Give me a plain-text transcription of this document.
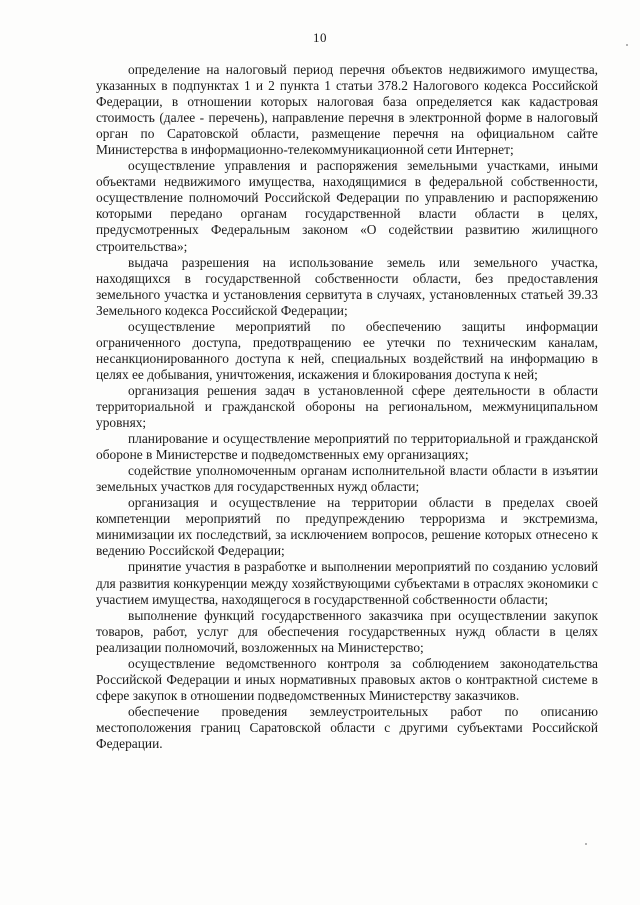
10

определение на налоговый период перечня объектов недвижимого имущества, указанных в подпунктах 1 и 2 пункта 1 статьи 378.2 Налогового кодекса Российской Федерации, в отношении которых налоговая база определяется как кадастровая стоимость (далее - перечень), направление перечня в электронной форме в налоговый орган по Саратовской области, размещение перечня на официальном сайте Министерства в информационно-телекоммуникационной сети Интернет;

осуществление управления и распоряжения земельными участками, иными объектами недвижимого имущества, находящимися в федеральной собственности, осуществление полномочий Российской Федерации по управлению и распоряжению которыми передано органам государственной власти области в целях, предусмотренных Федеральным законом «О содействии развитию жилищного строительства»;

выдача разрешения на использование земель или земельного участка, находящихся в государственной собственности области, без предоставления земельного участка и установления сервитута в случаях, установленных статьей 39.33 Земельного кодекса Российской Федерации;

осуществление мероприятий по обеспечению защиты информации ограниченного доступа, предотвращению ее утечки по техническим каналам, несанкционированного доступа к ней, специальных воздействий на информацию в целях ее добывания, уничтожения, искажения и блокирования доступа к ней;

организация решения задач в установленной сфере деятельности в области территориальной и гражданской обороны на региональном, межмуниципальном уровнях;

планирование и осуществление мероприятий по территориальной и гражданской обороне в Министерстве и подведомственных ему организациях;

содействие уполномоченным органам исполнительной власти области в изъятии земельных участков для государственных нужд области;

организация и осуществление на территории области в пределах своей компетенции мероприятий по предупреждению терроризма и экстремизма, минимизации их последствий, за исключением вопросов, решение которых отнесено к ведению Российской Федерации;

принятие участия в разработке и выполнении мероприятий по созданию условий для развития конкуренции между хозяйствующими субъектами в отраслях экономики с участием имущества, находящегося в государственной собственности области;

выполнение функций государственного заказчика при осуществлении закупок товаров, работ, услуг для обеспечения государственных нужд области в целях реализации полномочий, возложенных на Министерство;

осуществление ведомственного контроля за соблюдением законодательства Российской Федерации и иных нормативных правовых актов о контрактной системе в сфере закупок в отношении подведомственных Министерству заказчиков.

обеспечение проведения землеустроительных работ по описанию местоположения границ Саратовской области с другими субъектами Российской Федерации.
